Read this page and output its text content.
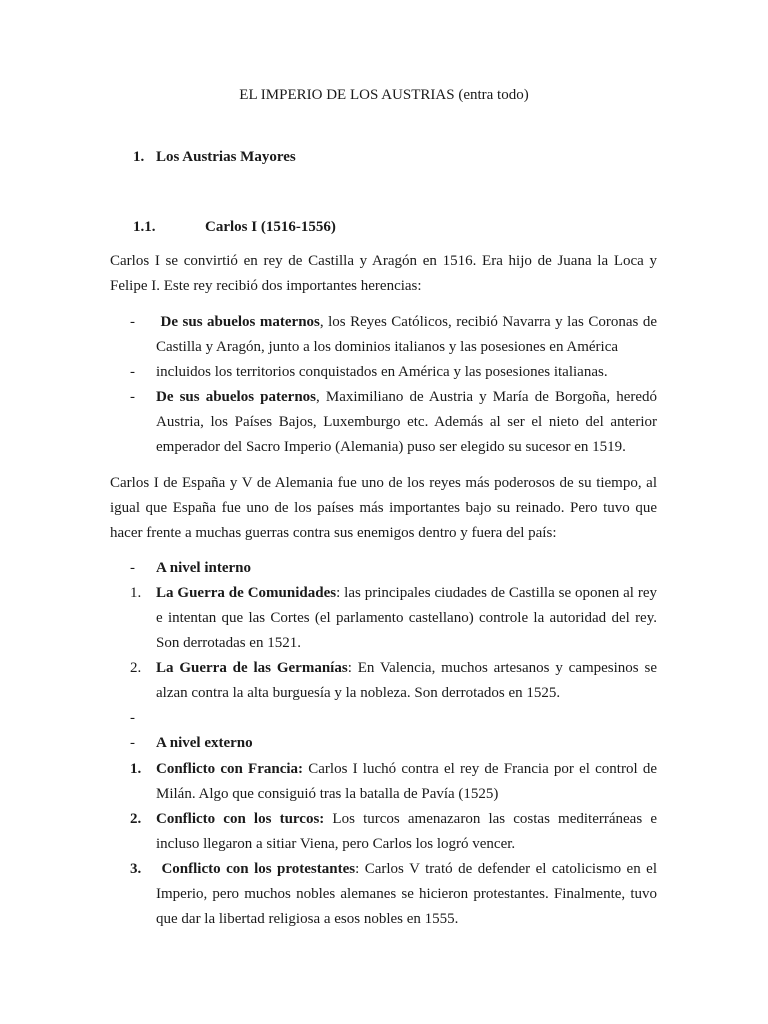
EL IMPERIO DE LOS AUSTRIAS (entra todo)
1. Los Austrias Mayores
1.1.	Carlos I (1516-1556)
Carlos I se convirtió en rey de Castilla y Aragón en 1516. Era hijo de Juana la Loca y Felipe I. Este rey recibió dos importantes herencias:
-	De sus abuelos maternos, los Reyes Católicos, recibió Navarra y las Coronas de Castilla y Aragón, junto a los dominios italianos y las posesiones en América
-	incluidos los territorios conquistados en América y las posesiones italianas.
-	De sus abuelos paternos, Maximiliano de Austria y María de Borgoña, heredó Austria, los Países Bajos, Luxemburgo etc. Además al ser el nieto del anterior emperador del Sacro Imperio (Alemania) puso ser elegido su sucesor en 1519.
Carlos I de España y V de Alemania fue uno de los reyes más poderosos de su tiempo, al igual que España fue uno de los países más importantes bajo su reinado. Pero tuvo que hacer frente a muchas guerras contra sus enemigos dentro y fuera del país:
-	A nivel interno
1. La Guerra de Comunidades: las principales ciudades de Castilla se oponen al rey e intentan que las Cortes (el parlamento castellano) controle la autoridad del rey. Son derrotadas en 1521.
2. La Guerra de las Germanías: En Valencia, muchos artesanos y campesinos se alzan contra la alta burguesía y la nobleza. Son derrotados en 1525.
-
-	A nivel externo
1. Conflicto con Francia: Carlos I luchó contra el rey de Francia por el control de Milán. Algo que consiguió tras la batalla de Pavía (1525)
2. Conflicto con los turcos: Los turcos amenazaron las costas mediterráneas e incluso llegaron a sitiar Viena, pero Carlos los logró vencer.
3.	Conflicto con los protestantes: Carlos V trató de defender el catolicismo en el Imperio, pero muchos nobles alemanes se hicieron protestantes. Finalmente, tuvo que dar la libertad religiosa a esos nobles en 1555.
